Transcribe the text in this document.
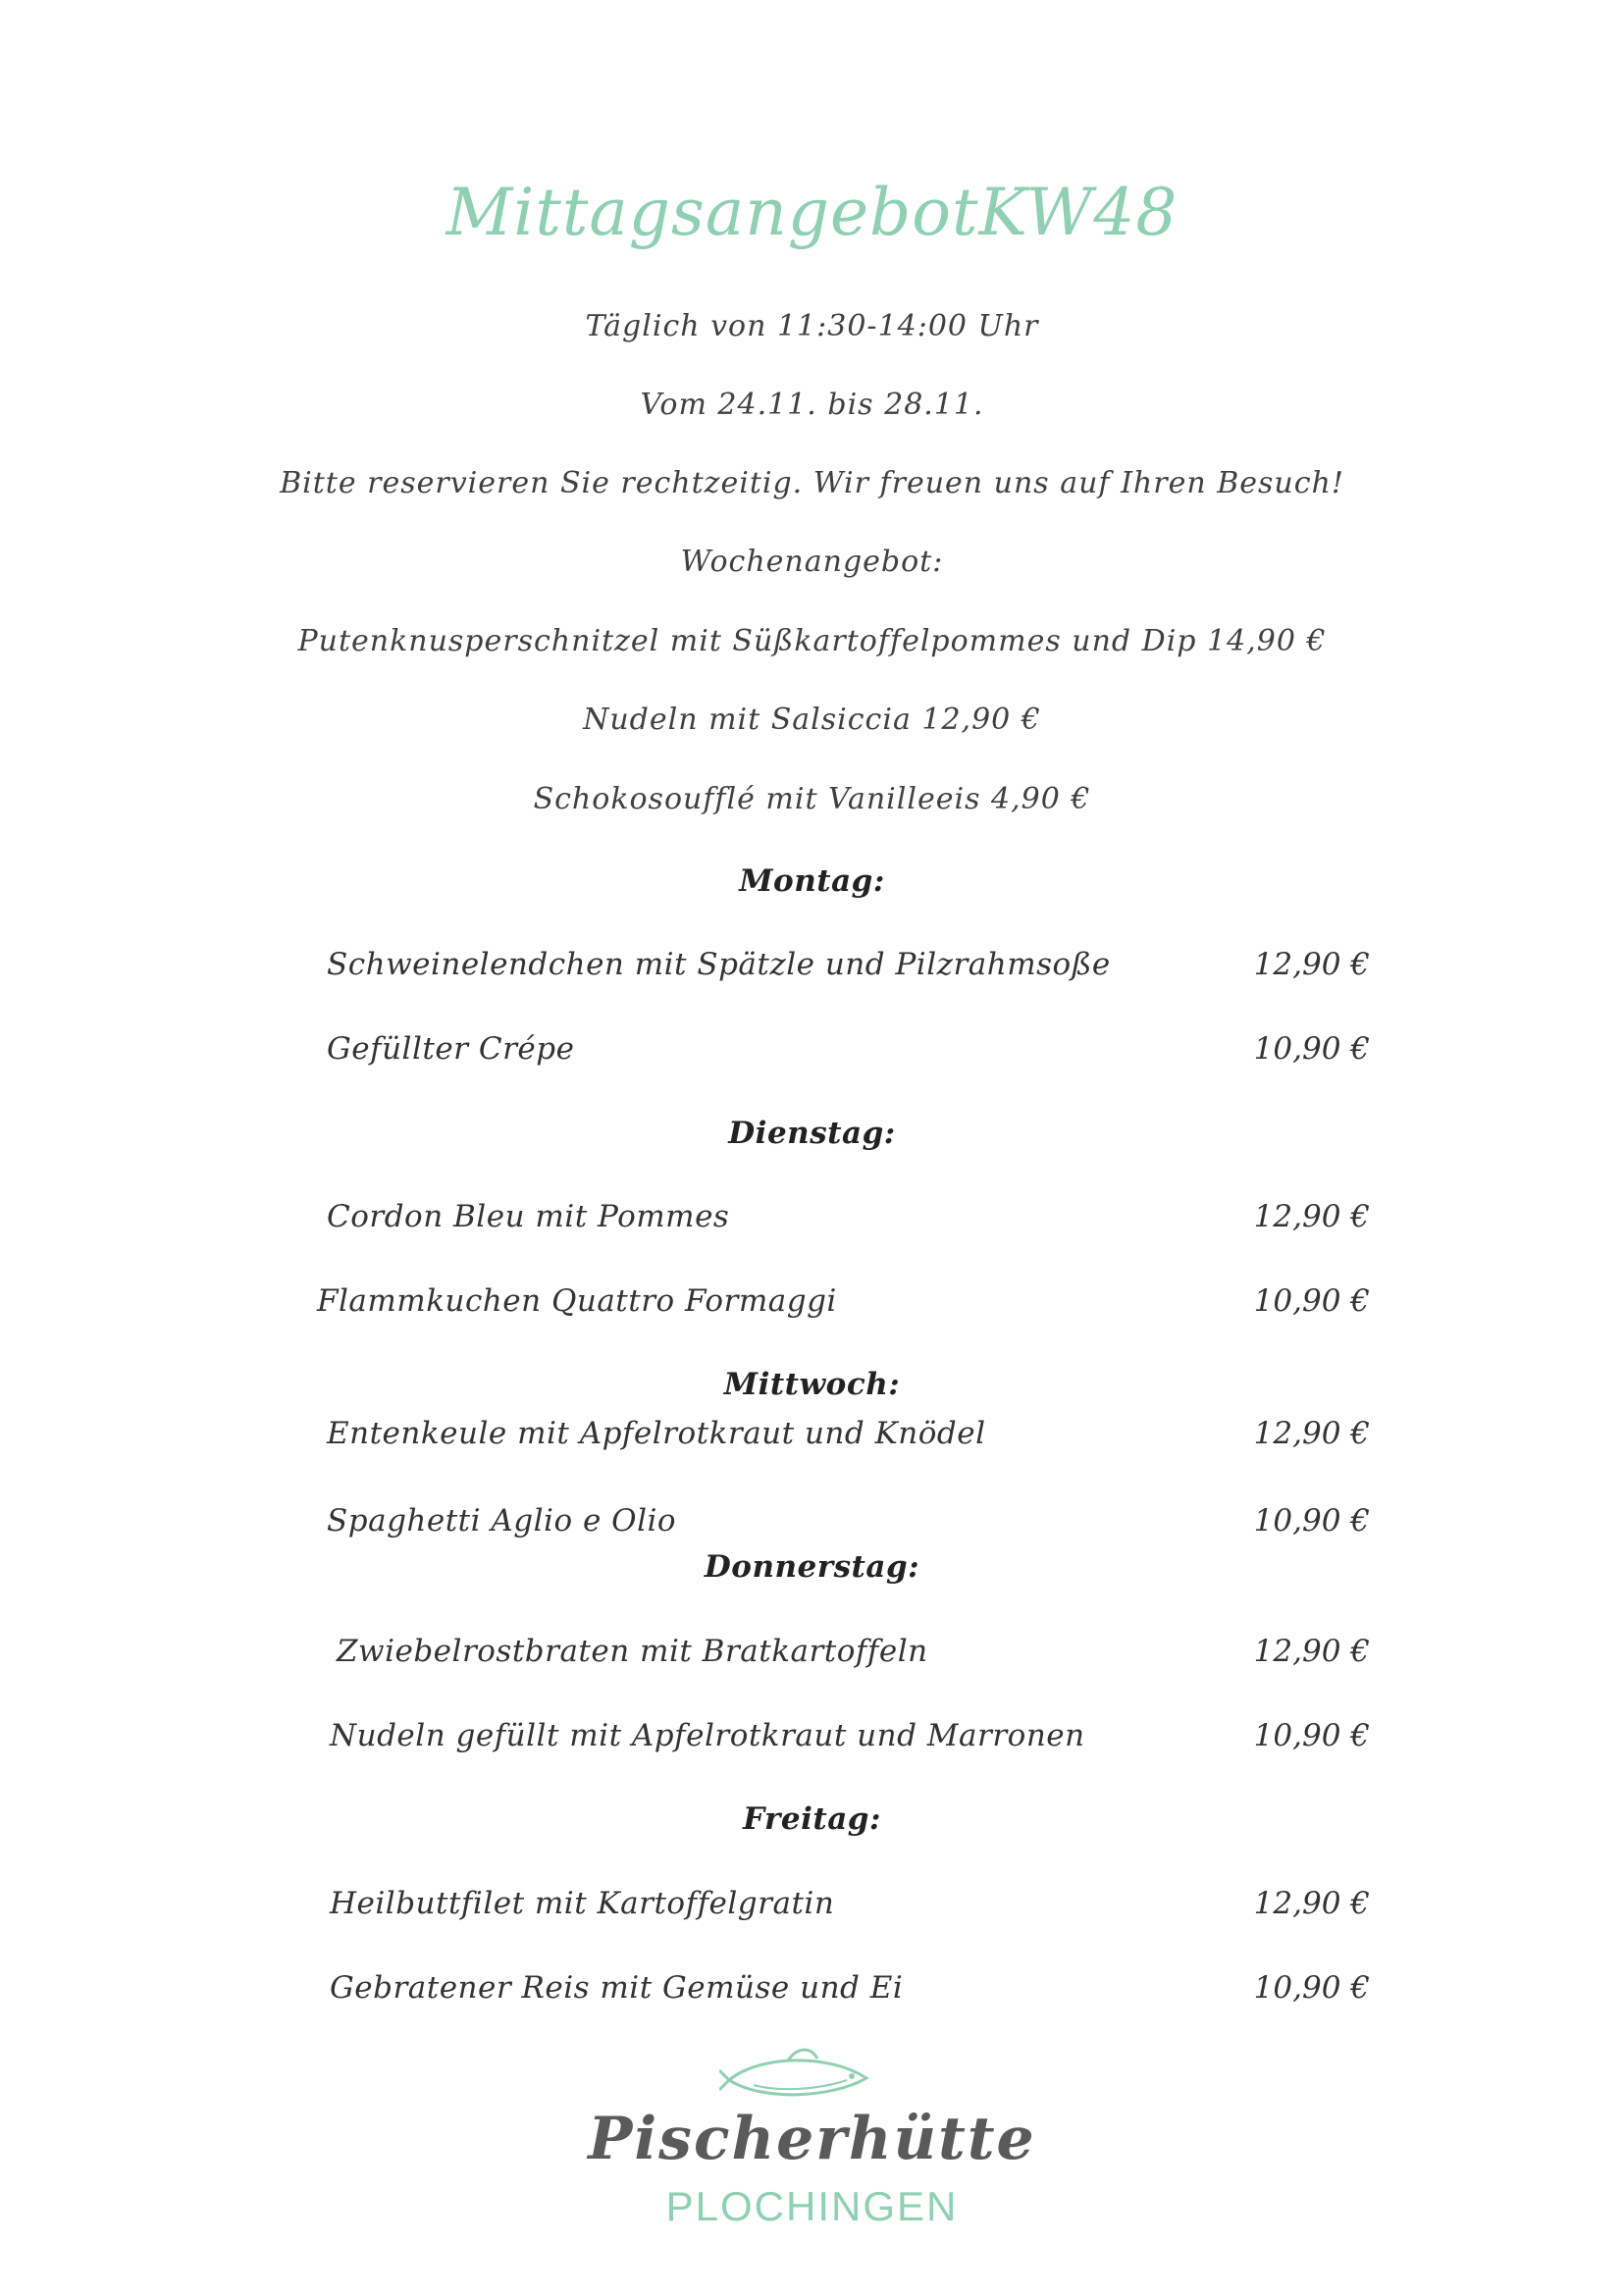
MittagsangebotKW48
Täglich von 11:30-14:00 Uhr
Vom 24.11. bis 28.11.
Bitte reservieren Sie rechtzeitig. Wir freuen uns auf Ihren Besuch!
Wochenangebot:
Putenknusperschnitzel mit Süßkartoffelpommes und Dip 14,90 €
Nudeln mit Salsiccia 12,90 €
Schokosoufflé mit Vanilleeis 4,90 €
Montag:
Schweinelendchen mit Spätzle und Pilzrahmsoße	12,90 €
Gefüllter Crépe	10,90 €
Dienstag:
Cordon Bleu mit Pommes	12,90 €
Flammkuchen Quattro Formaggi	10,90 €
Mittwoch:
Entenkeule mit Apfelrotkraut und Knödel	12,90 €
Spaghetti Aglio e Olio	10,90 €
Donnerstag:
Zwiebelrostbraten mit Bratkartoffeln	12,90 €
Nudeln gefüllt mit Apfelrotkraut und Marronen	10,90 €
Freitag:
Heilbuttfilet mit Kartoffelgratin	12,90 €
Gebratener Reis mit Gemüse und Ei	10,90 €
Pischerhütte
PLOCHINGEN
